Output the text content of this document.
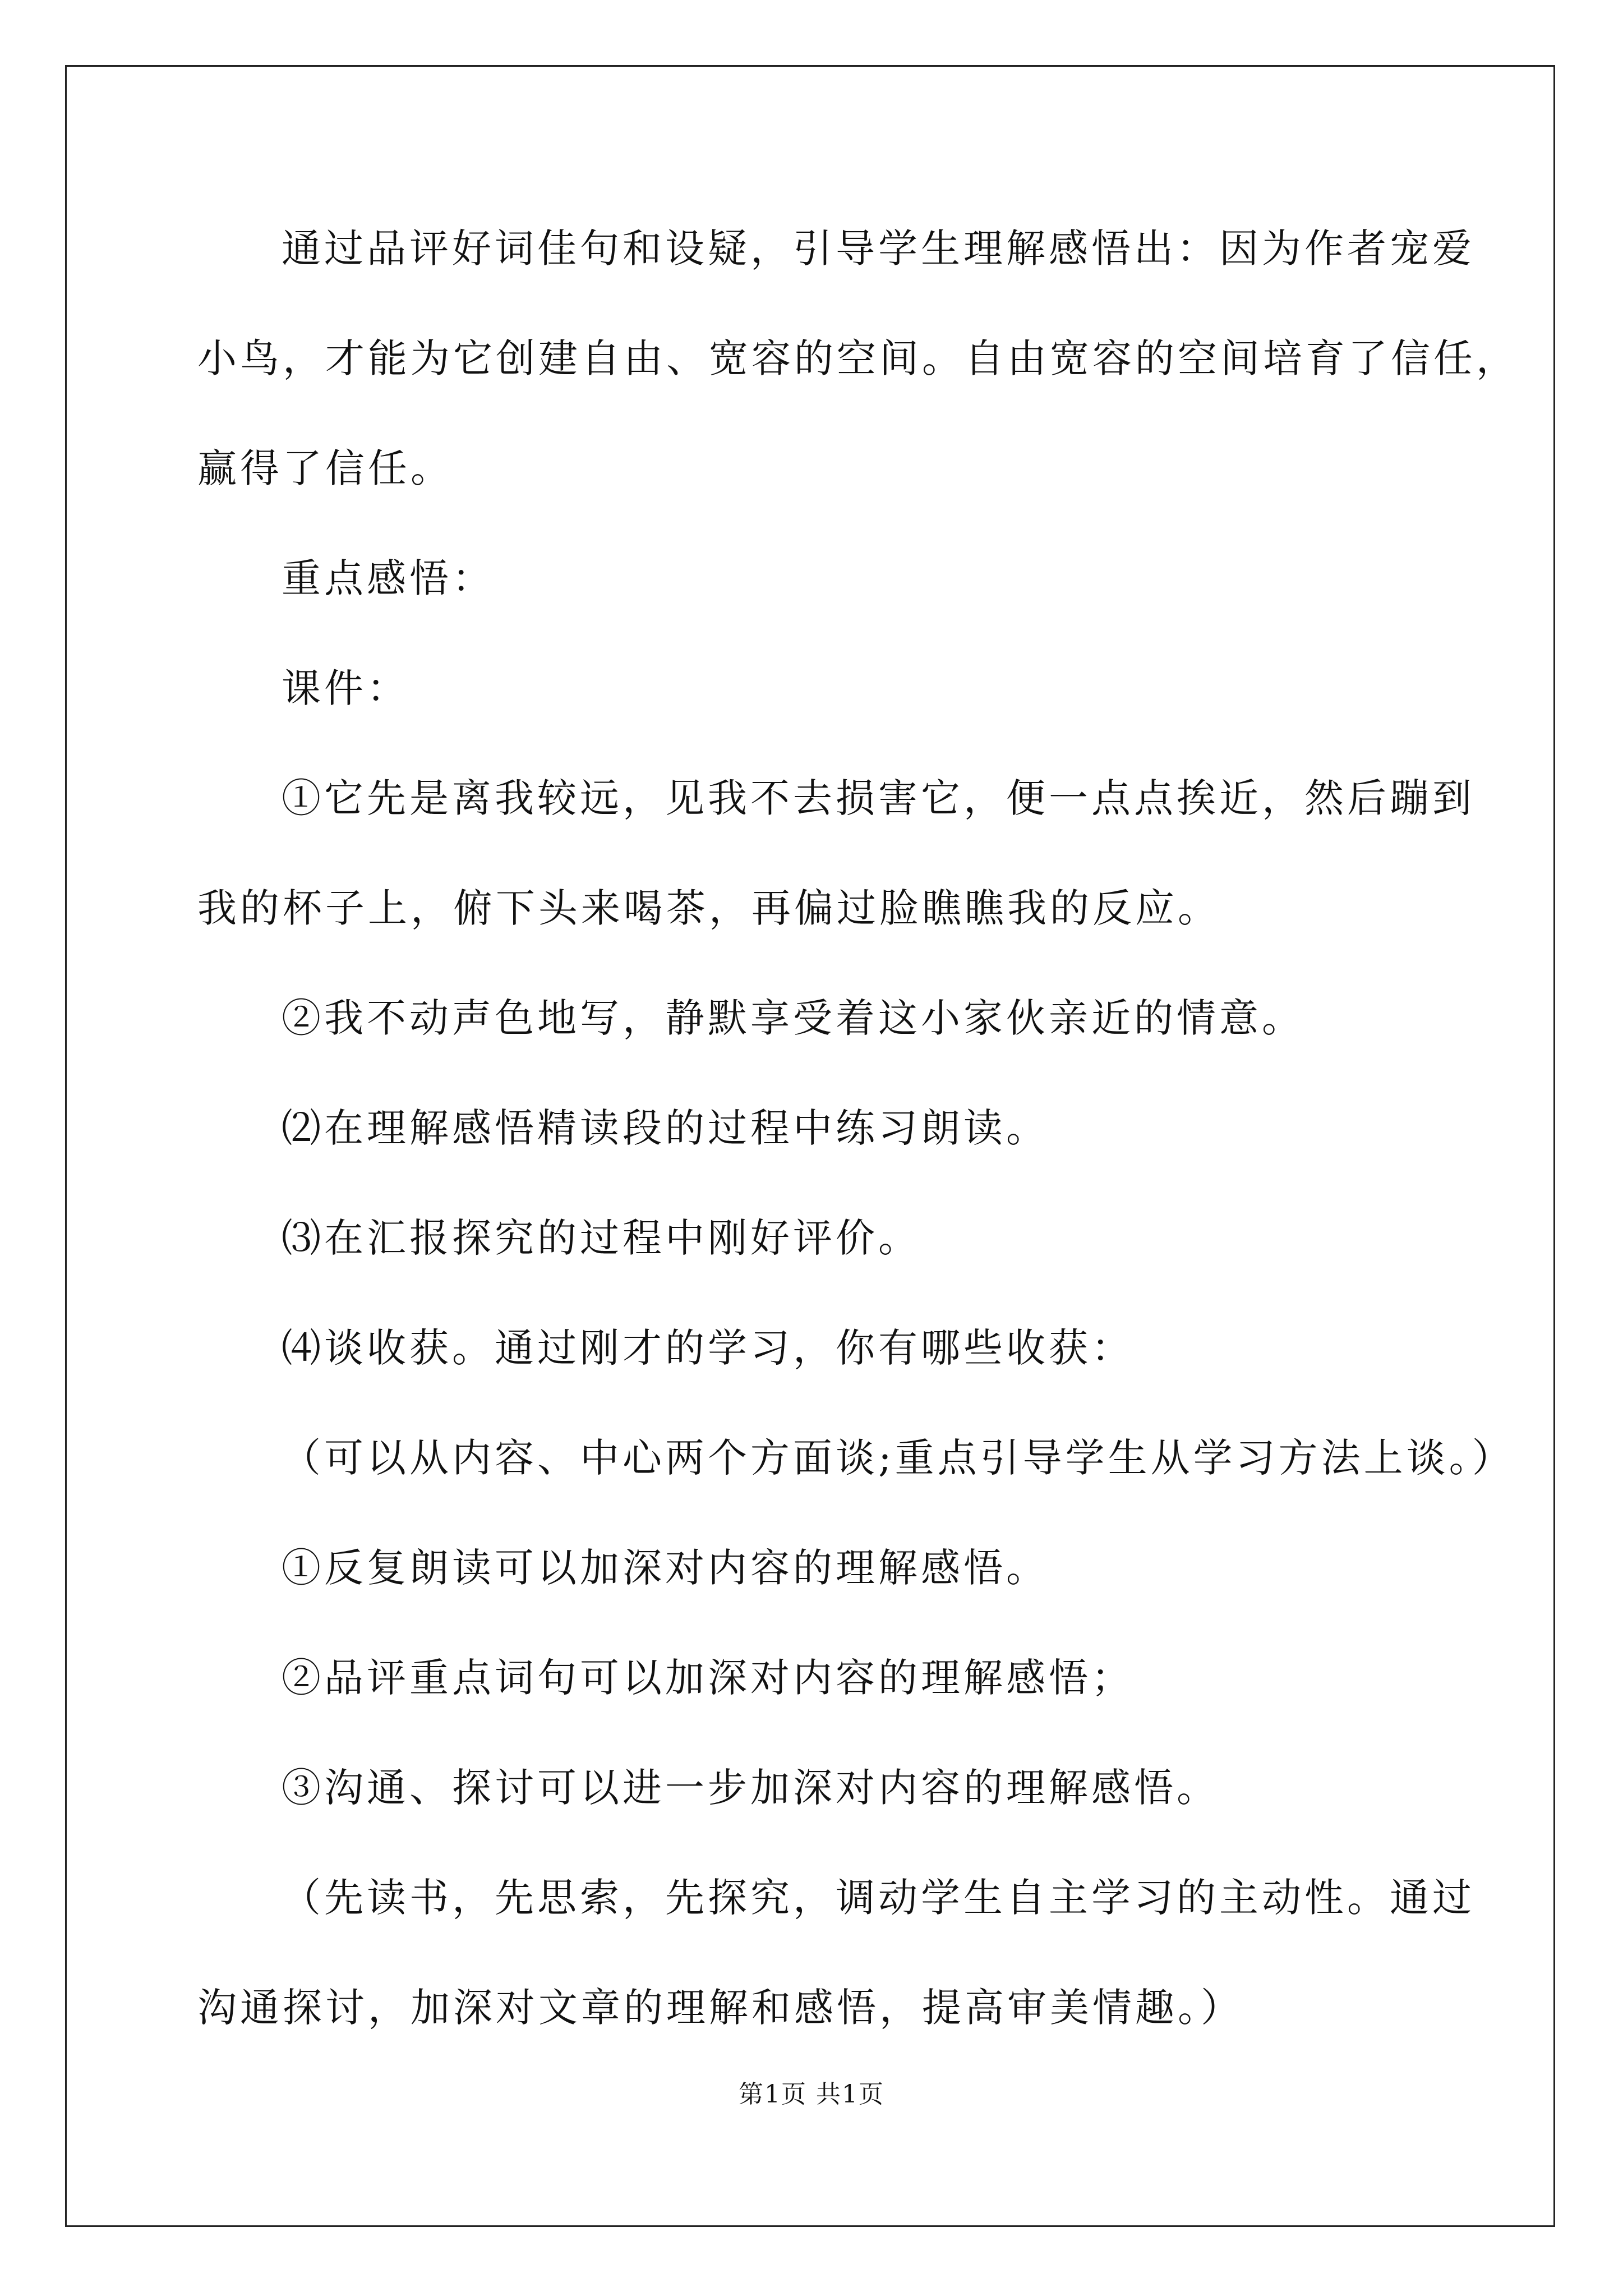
通过品评好词佳句和设疑，引导学生理解感悟出：因为作者宠爱
小鸟，才能为它创建自由、宽容的空间。自由宽容的空间培育了信任，
赢得了信任。
重点感悟：
课件：
①它先是离我较远，见我不去损害它，便一点点挨近，然后蹦到
我的杯子上，俯下头来喝茶，再偏过脸瞧瞧我的反应。
②我不动声色地写，静默享受着这小家伙亲近的情意。
⑵在理解感悟精读段的过程中练习朗读。
⑶在汇报探究的过程中刚好评价。
⑷谈收获。通过刚才的学习，你有哪些收获：
（可以从内容、中心两个方面谈;重点引导学生从学习方法上谈。）
①反复朗读可以加深对内容的理解感悟。
②品评重点词句可以加深对内容的理解感悟；
③沟通、探讨可以进一步加深对内容的理解感悟。
（先读书，先思索，先探究，调动学生自主学习的主动性。通过
沟通探讨，加深对文章的理解和感悟，提高审美情趣。）
第1页 共1页
